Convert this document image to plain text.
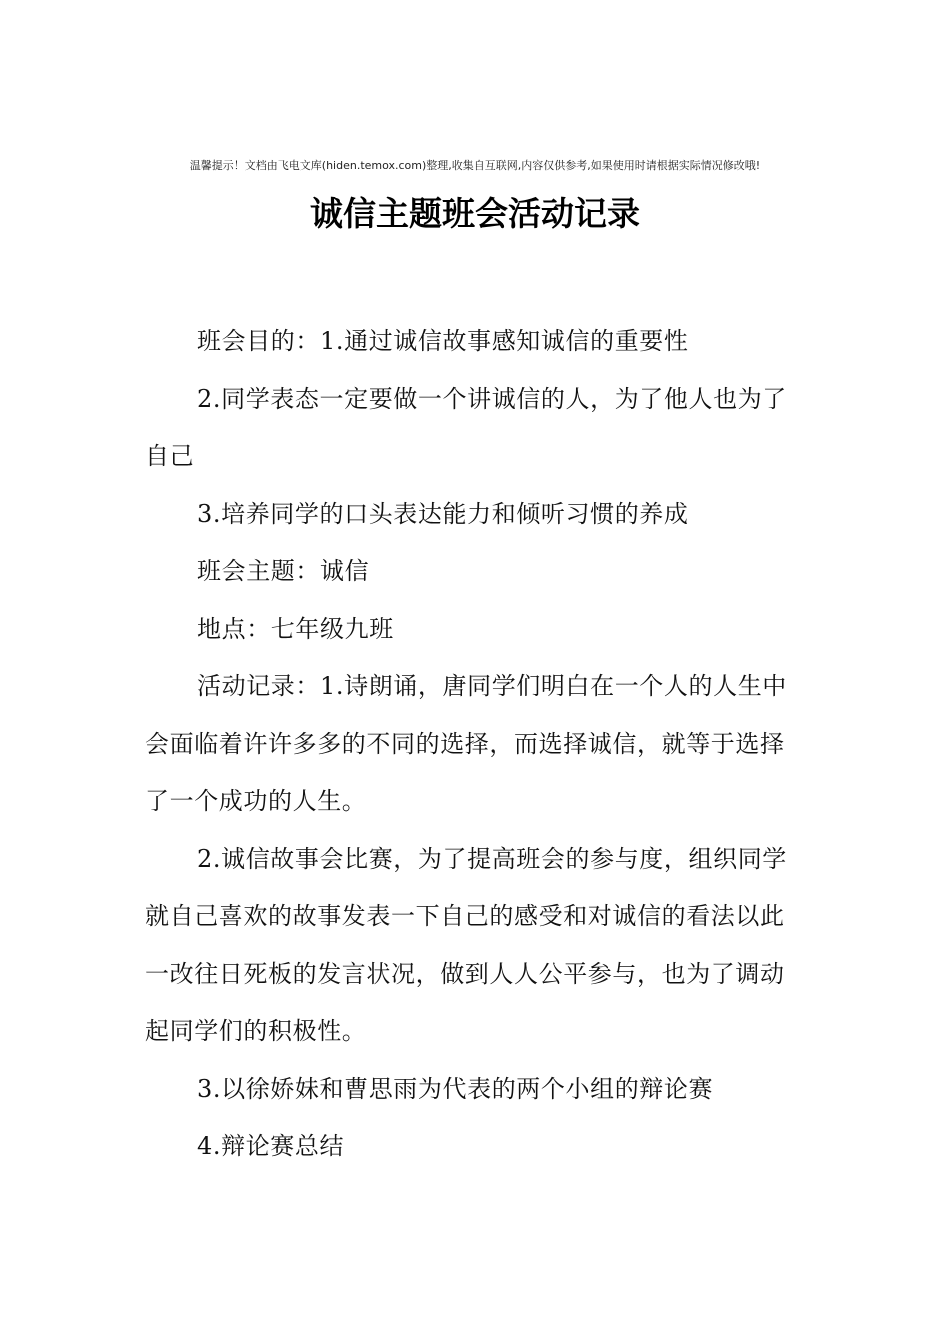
温馨提示！文档由飞电文库(hiden.temox.com)整理,收集自互联网,内容仅供参考,如果使用时请根据实际情况修改哦!
诚信主题班会活动记录

班会目的：1.通过诚信故事感知诚信的重要性

2.同学表态一定要做一个讲诚信的人，为了他人也为了自己

3.培养同学的口头表达能力和倾听习惯的养成

班会主题：诚信

地点：七年级九班

活动记录：1.诗朗诵，唐同学们明白在一个人的人生中会面临着许许多多的不同的选择，而选择诚信，就等于选择了一个成功的人生。

2.诚信故事会比赛，为了提高班会的参与度，组织同学就自己喜欢的故事发表一下自己的感受和对诚信的看法以此一改往日死板的发言状况，做到人人公平参与，也为了调动起同学们的积极性。

3.以徐娇妹和曹思雨为代表的两个小组的辩论赛

4.辩论赛总结
